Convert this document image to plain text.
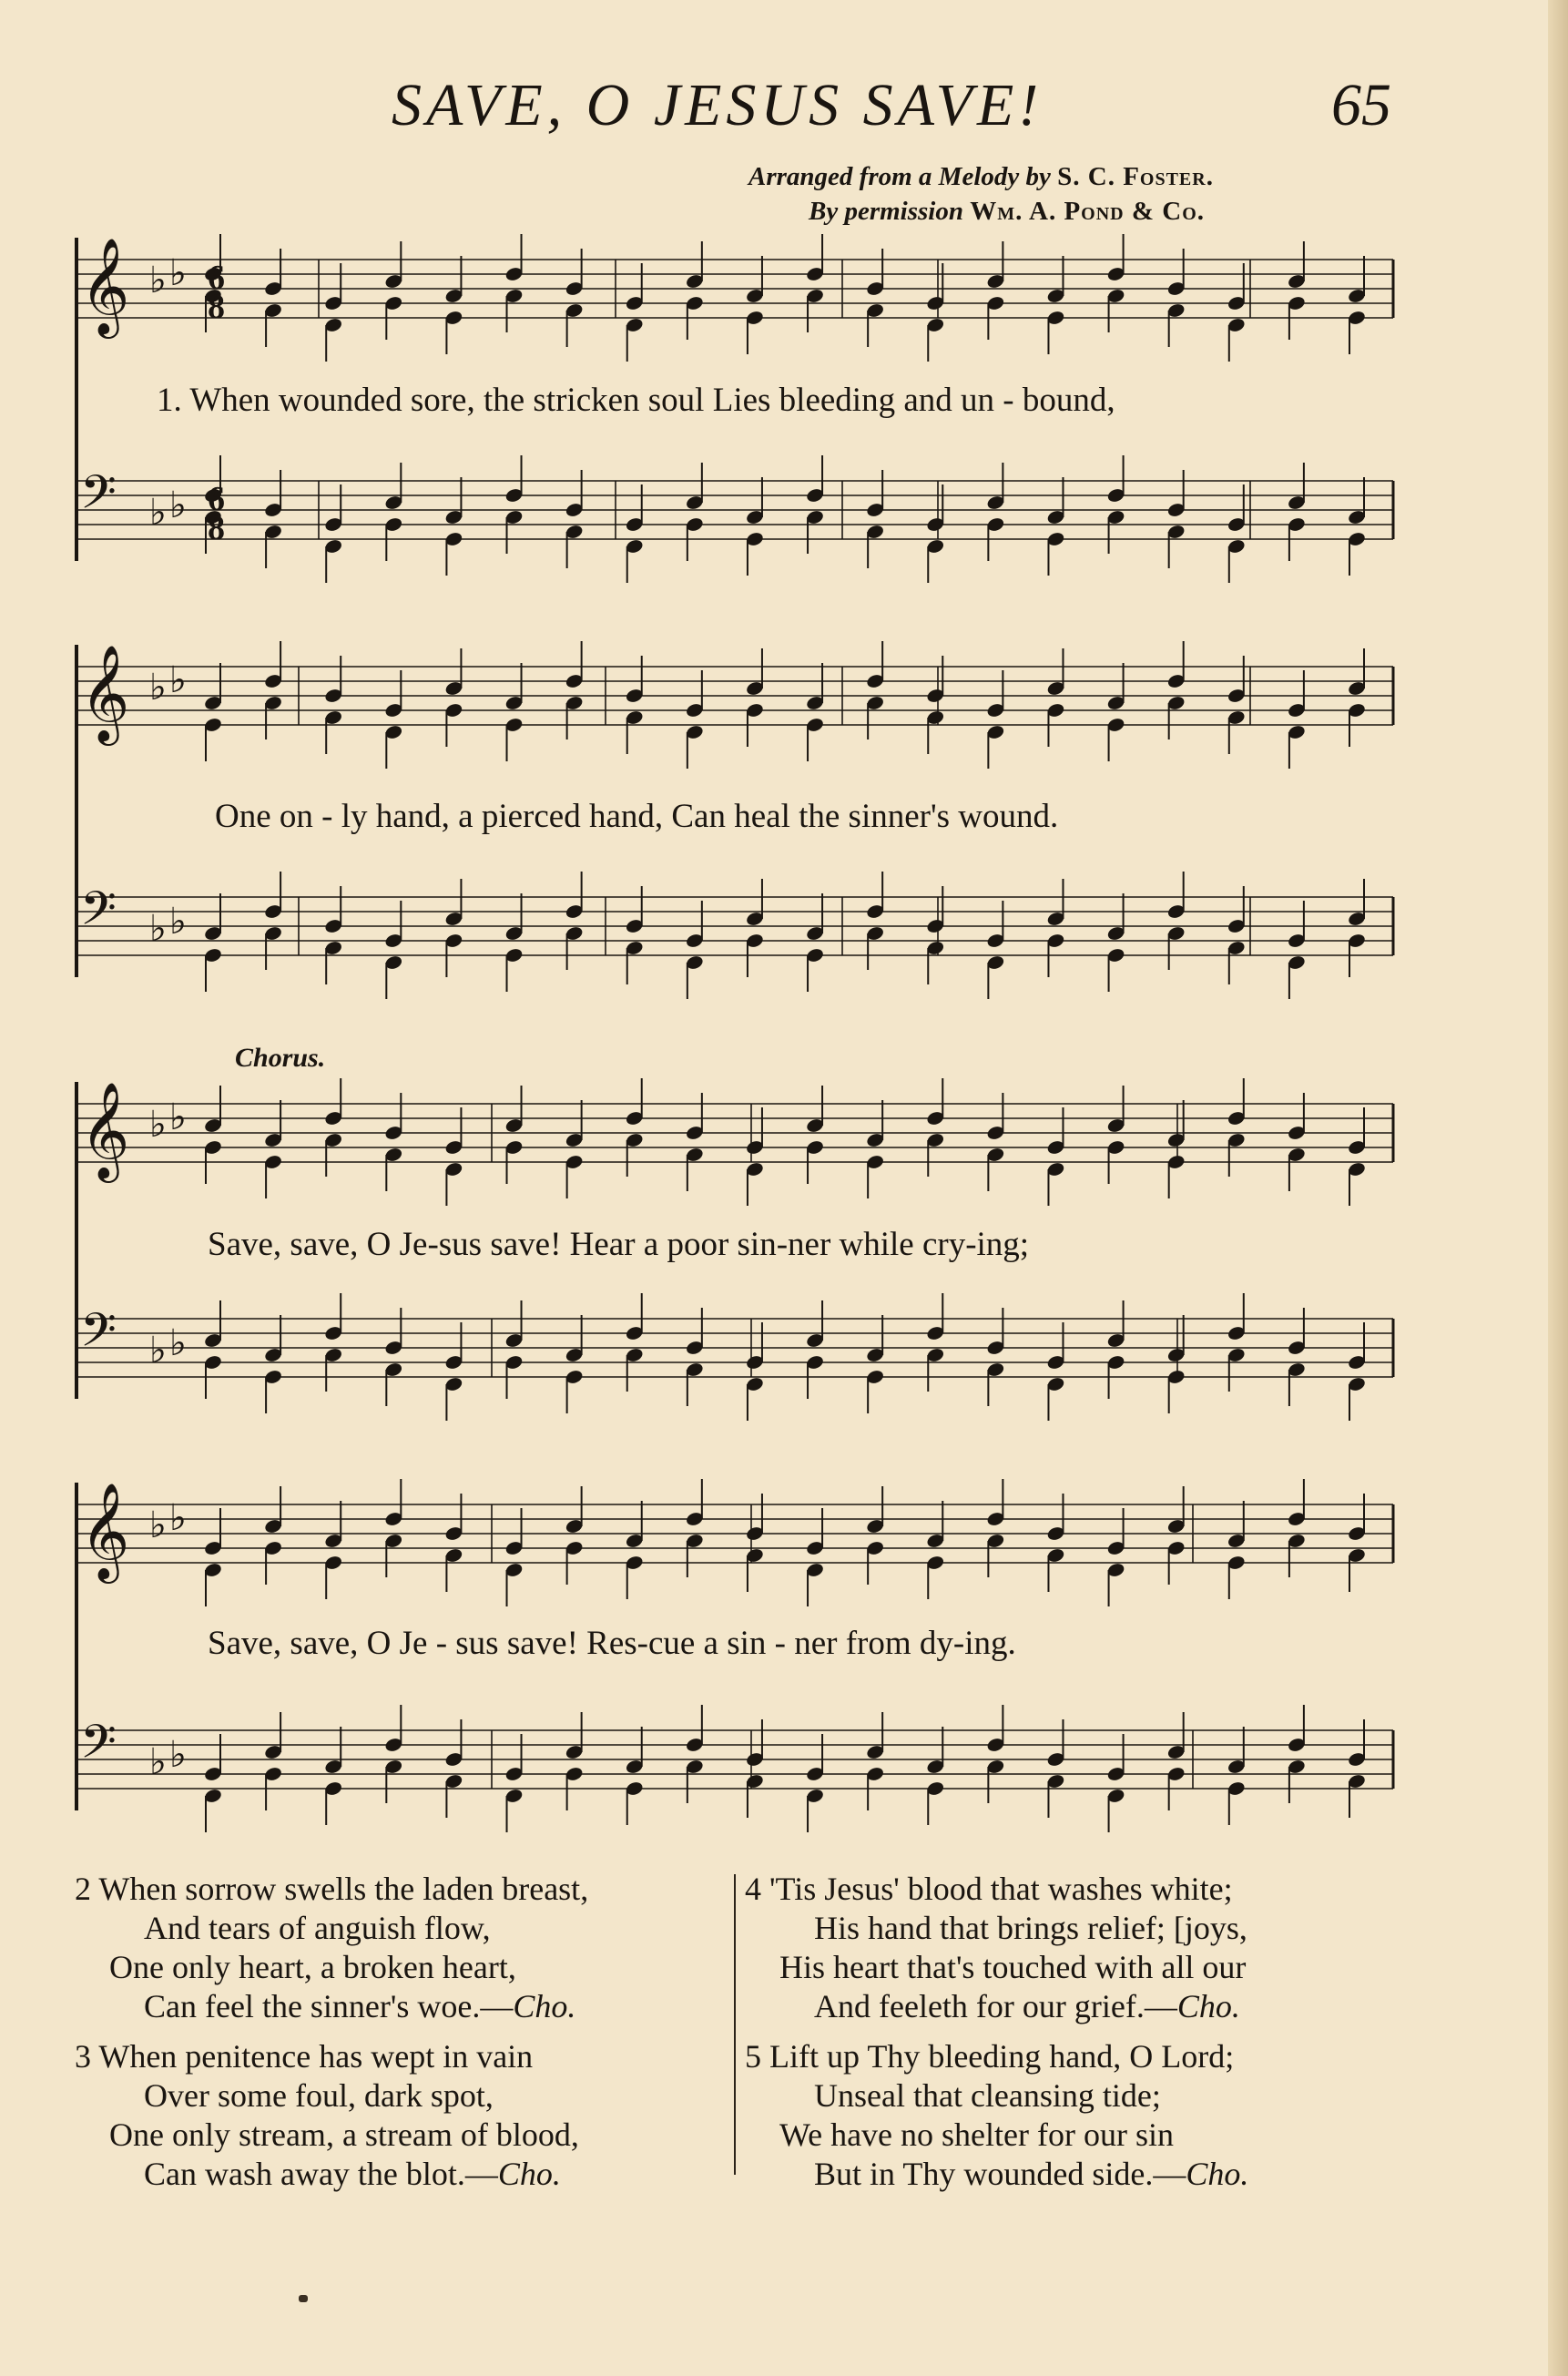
SAVE, O JESUS SAVE!	65
Arranged from a Melody by S. C. Foster.
By permission Wm. A. Pond & Co.
𝄞 ♭ ♭
𝄢 ♭ ♭
𝄞 ♭ ♭
𝄢 ♭ ♭
𝄞 ♭ ♭
𝄢 ♭ ♭
𝄞 ♭ ♭
𝄢 ♭ ♭
6
8
6
8
Chorus.
1. When wounded sore, the stricken soul Lies bleeding and un - bound,
One on - ly hand, a pierced hand, Can heal the sinner's wound.
Save, save, O Je-sus save! Hear a poor sin-ner while cry-ing;
Save, save, O Je - sus save! Res-cue a sin - ner from dy-ing.
2 When sorrow swells the laden breast,
And tears of anguish flow,
One only heart, a broken heart,
Can feel the sinner's woe.—Cho.
3 When penitence has wept in vain
Over some foul, dark spot,
One only stream, a stream of blood,
Can wash away the blot.—Cho.
4 'Tis Jesus' blood that washes white;
His hand that brings relief; [joys,
His heart that's touched with all our
And feeleth for our grief.—Cho.
5 Lift up Thy bleeding hand, O Lord;
Unseal that cleansing tide;
We have no shelter for our sin
But in Thy wounded side.—Cho.
